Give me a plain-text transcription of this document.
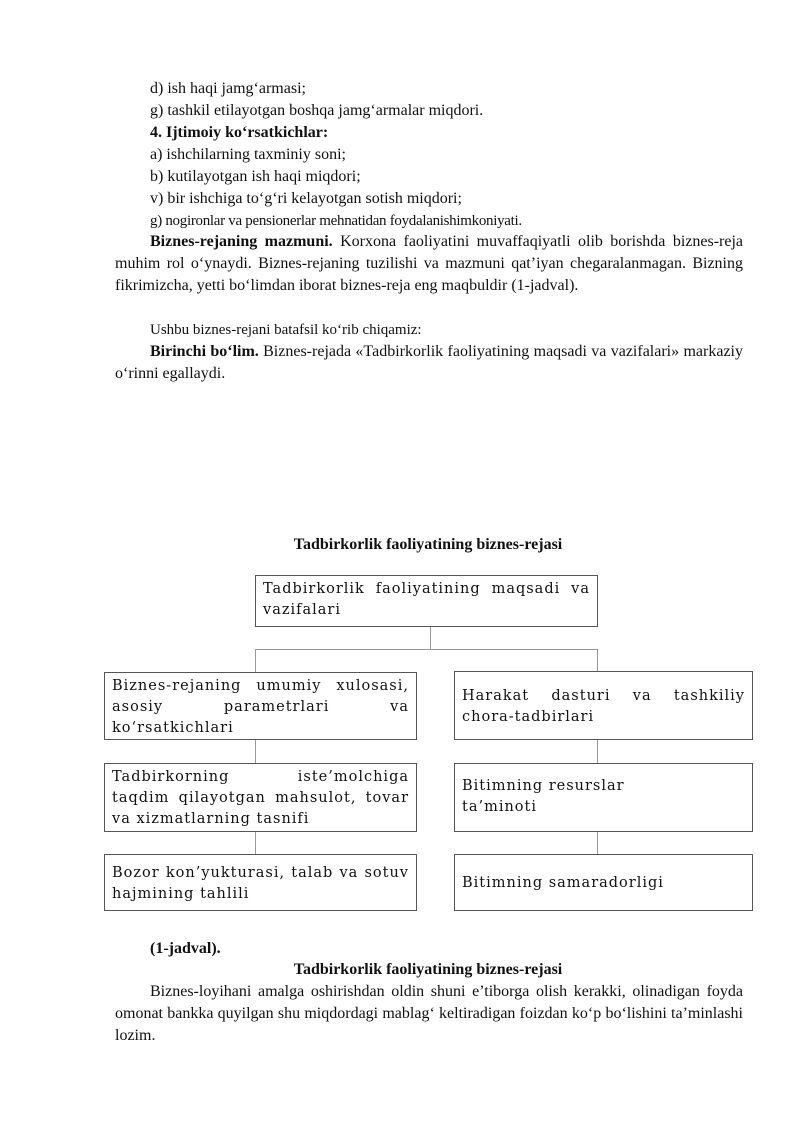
d) ish haqi jamg‘armasi;
g) tashkil etilayotgan boshqa jamg‘armalar miqdori.
4. Ijtimoiy ko‘rsatkichlar:
a) ishchilarning taxminiy soni;
b) kutilayotgan ish haqi miqdori;
v) bir ishchiga to‘g‘ri kelayotgan sotish miqdori;
g) nogironlar va pensionerlar mehnatidan foydalanishimkoniyati.
Biznes-rejaning mazmuni. Korxona faoliyatini muvaffaqiyatli olib borishda biznes-reja muhim rol o‘ynaydi. Biznes-rejaning tuzilishi va mazmuni qat’iyan chegaralanmagan. Bizning fikrimizcha, yetti bo‘limdan iborat biznes-reja eng maqbuldir (1-jadval).
Ushbu biznes-rejani batafsil ko‘rib chiqamiz:
Birinchi bo‘lim. Biznes-rejada «Tadbirkorlik faoliyatining maqsadi va vazifalari» markaziy o‘rinni egallaydi.
Tadbirkorlik faoliyatining biznes-rejasi
Tadbirkorlik faoliyatining maqsadi va vazifalari
Biznes-rejaning umumiy xulosasi, asosiy parametrlari va ko‘rsatkichlari
Tadbirkorning iste’molchiga taqdim qilayotgan mahsulot, tovar va xizmatlarning tasnifi
Bozor kon’yukturasi, talab va sotuv hajmining tahlili
Harakat dasturi va tashkiliy chora-tadbirlari
Bitimning resurslar ta’minoti
Bitimning samaradorligi
(1-jadval).
Tadbirkorlik faoliyatining biznes-rejasi
Biznes-loyihani amalga oshirishdan oldin shuni e’tiborga olish kerakki, olinadigan foyda omonat bankka quyilgan shu miqdordagi mablag‘ keltiradigan foizdan ko‘p bo‘lishini ta’minlashi lozim.
